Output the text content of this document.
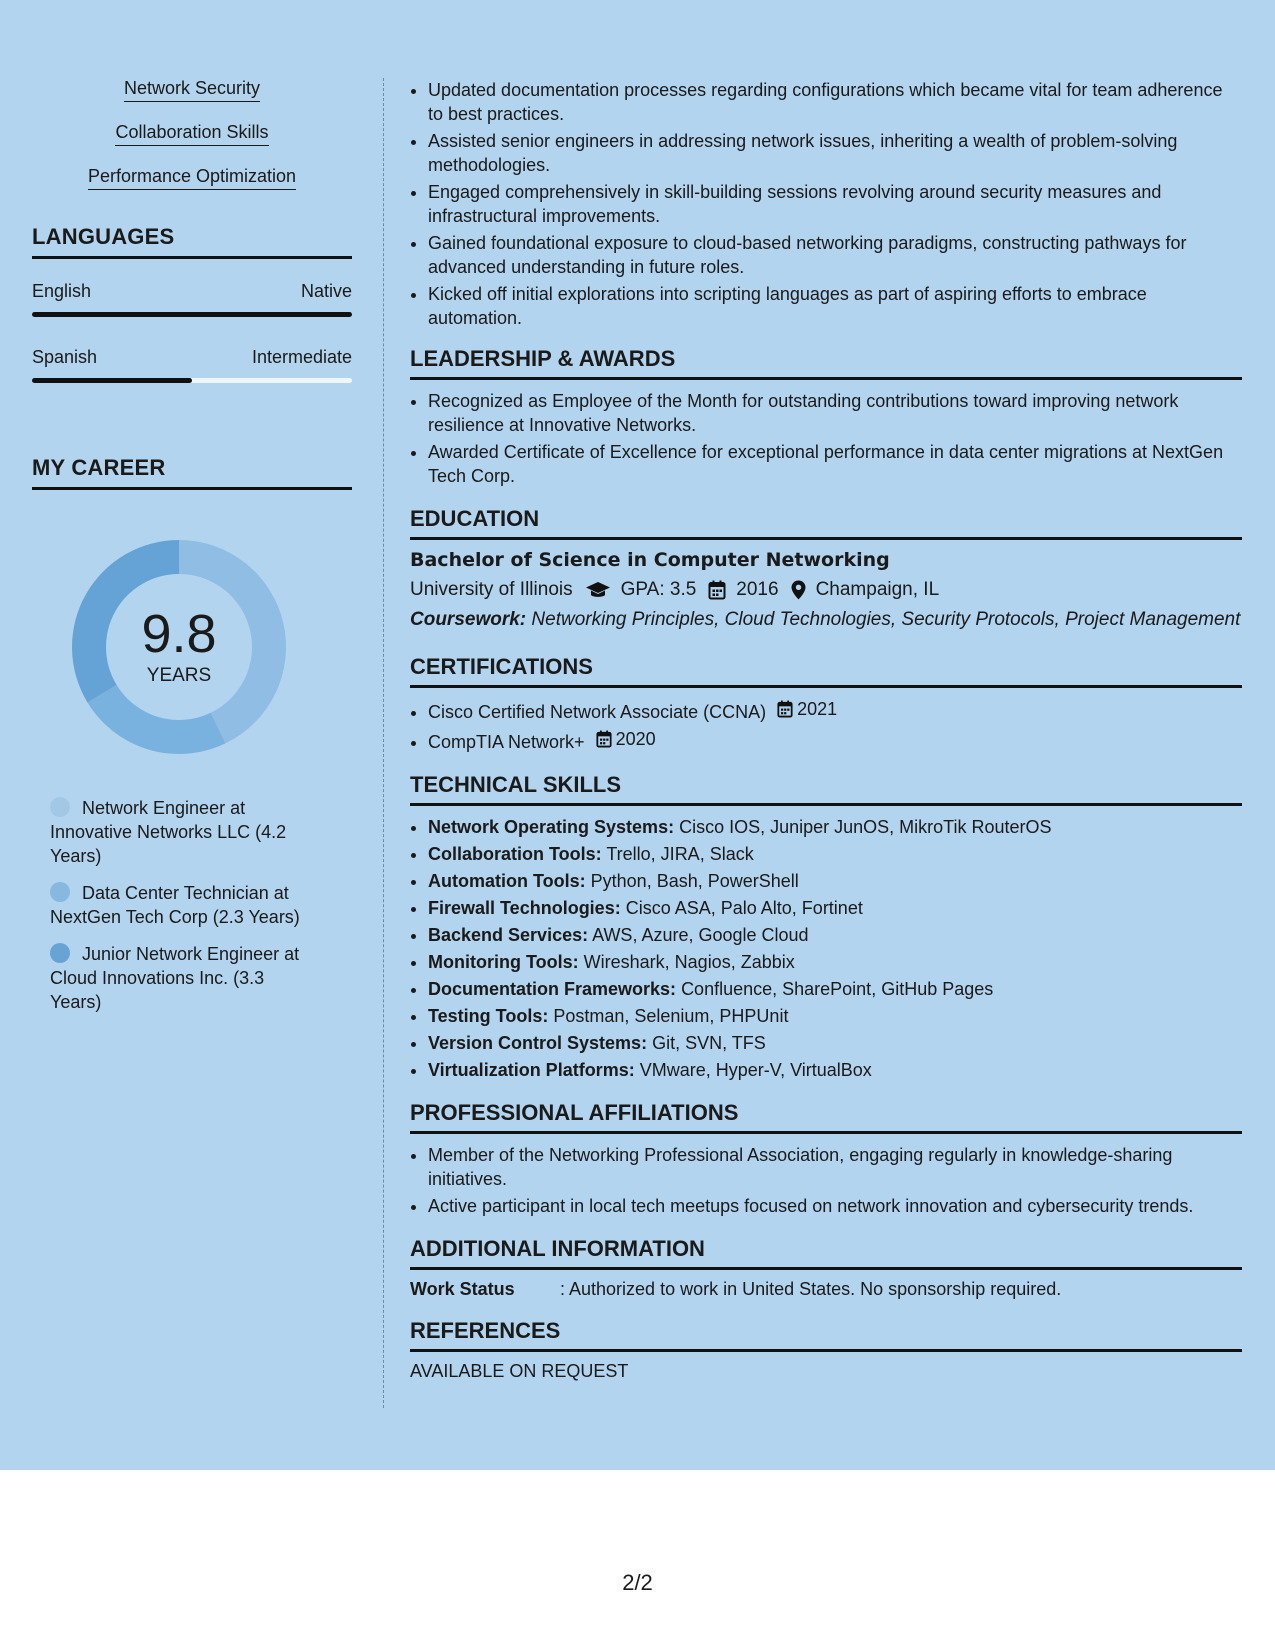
Network Security
Collaboration Skills
Performance Optimization
LANGUAGES
English	Native
Spanish	Intermediate
MY CAREER
9.8
YEARS
Network Engineer at Innovative Networks LLC (4.2 Years)
Data Center Technician at NextGen Tech Corp (2.3 Years)
Junior Network Engineer at Cloud Innovations Inc. (3.3 Years)
• Updated documentation processes regarding configurations which became vital for team adherence to best practices.
• Assisted senior engineers in addressing network issues, inheriting a wealth of problem-solving methodologies.
• Engaged comprehensively in skill-building sessions revolving around security measures and infrastructural improvements.
• Gained foundational exposure to cloud-based networking paradigms, constructing pathways for advanced understanding in future roles.
• Kicked off initial explorations into scripting languages as part of aspiring efforts to embrace automation.
LEADERSHIP & AWARDS
• Recognized as Employee of the Month for outstanding contributions toward improving network resilience at Innovative Networks.
• Awarded Certificate of Excellence for exceptional performance in data center migrations at NextGen Tech Corp.
EDUCATION
Bachelor of Science in Computer Networking
University of Illinois	GPA: 3.5 2016 Champaign, IL
Coursework: Networking Principles, Cloud Technologies, Security Protocols, Project Management
CERTIFICATIONS
• Cisco Certified Network Associate (CCNA) 2021
• CompTIA Network+ 2020
TECHNICAL SKILLS
• Network Operating Systems: Cisco IOS, Juniper JunOS, MikroTik RouterOS
• Collaboration Tools: Trello, JIRA, Slack
• Automation Tools: Python, Bash, PowerShell
• Firewall Technologies: Cisco ASA, Palo Alto, Fortinet
• Backend Services: AWS, Azure, Google Cloud
• Monitoring Tools: Wireshark, Nagios, Zabbix
• Documentation Frameworks: Confluence, SharePoint, GitHub Pages
• Testing Tools: Postman, Selenium, PHPUnit
• Version Control Systems: Git, SVN, TFS
• Virtualization Platforms: VMware, Hyper-V, VirtualBox
PROFESSIONAL AFFILIATIONS
• Member of the Networking Professional Association, engaging regularly in knowledge-sharing initiatives.
• Active participant in local tech meetups focused on network innovation and cybersecurity trends.
ADDITIONAL INFORMATION
Work Status	: Authorized to work in United States. No sponsorship required.
REFERENCES
AVAILABLE ON REQUEST
2/2
